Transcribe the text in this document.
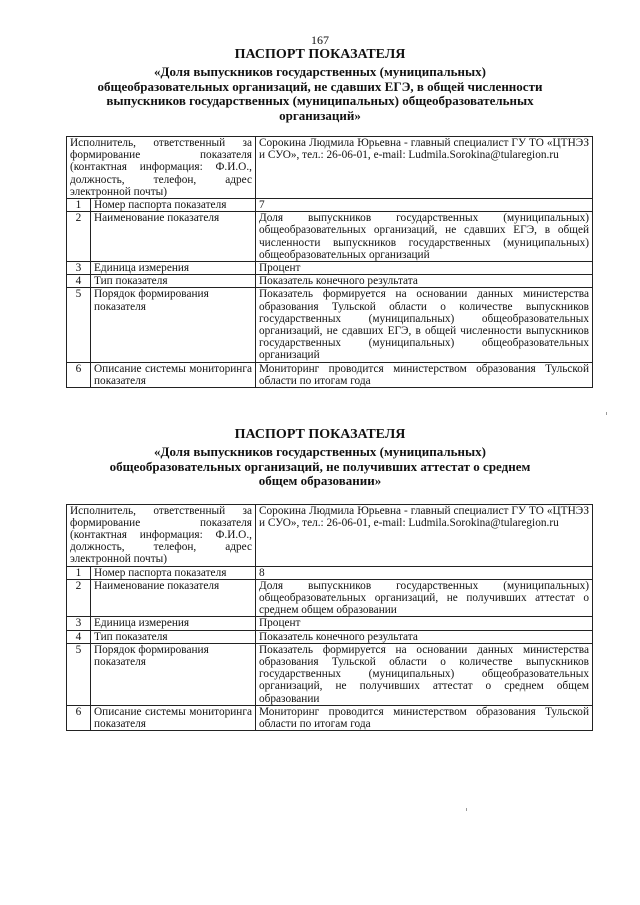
167

ПАСПОРТ ПОКАЗАТЕЛЯ

«Доля выпускников государственных (муниципальных) общеобразовательных организаций, не сдавших ЕГЭ, в общей численности выпускников государственных (муниципальных) общеобразовательных организаций»

Исполнитель, ответственный за формирование показателя (контактная информация: Ф.И.О., должность, телефон, адрес электронной почты)		Сорокина Людмила Юрьевна - главный специалист ГУ ТО «ЦТНЭЗ и СУО», тел.: 26-06-01, e-mail: Ludmila.Sorokina@tularegion.ru
1	Номер паспорта показателя	7
2	Наименование показателя	Доля выпускников государственных (муниципальных) общеобразовательных организаций, не сдавших ЕГЭ, в общей численности выпускников государственных (муниципальных) общеобразовательных организаций
3	Единица измерения	Процент
4	Тип показателя	Показатель конечного результата
5	Порядок формирования показателя	Показатель формируется на основании данных министерства образования Тульской области о количестве выпускников государственных (муниципальных) общеобразовательных организаций, не сдавших ЕГЭ, в общей численности выпускников государственных (муниципальных) общеобразовательных организаций
6	Описание системы мониторинга показателя	Мониторинг проводится министерством образования Тульской области по итогам года

ПАСПОРТ ПОКАЗАТЕЛЯ

«Доля выпускников государственных (муниципальных) общеобразовательных организаций, не получивших аттестат о среднем общем образовании»

Исполнитель, ответственный за формирование показателя (контактная информация: Ф.И.О., должность, телефон, адрес электронной почты)		Сорокина Людмила Юрьевна - главный специалист ГУ ТО «ЦТНЭЗ и СУО», тел.: 26-06-01, e-mail: Ludmila.Sorokina@tularegion.ru
1	Номер паспорта показателя	8
2	Наименование показателя	Доля выпускников государственных (муниципальных) общеобразовательных организаций, не получивших аттестат о среднем общем образовании
3	Единица измерения	Процент
4	Тип показателя	Показатель конечного результата
5	Порядок формирования показателя	Показатель формируется на основании данных министерства образования Тульской области о количестве выпускников государственных (муниципальных) общеобразовательных организаций, не получивших аттестат о среднем общем образовании
6	Описание системы мониторинга показателя	Мониторинг проводится министерством образования Тульской области по итогам года
